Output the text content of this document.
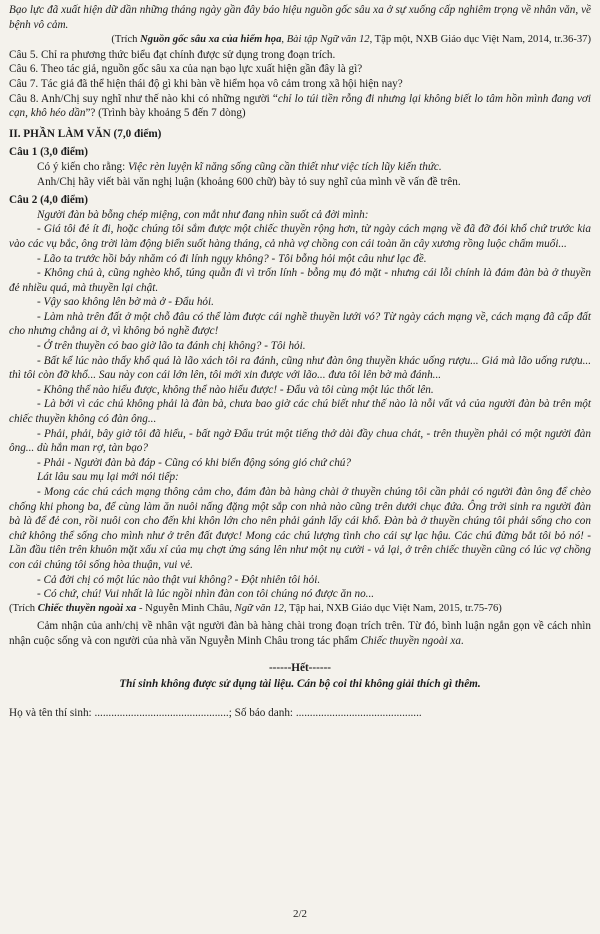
Bạo lực đã xuất hiện dữ dần những tháng ngày gần đây báo hiệu nguồn gốc sâu xa ở sự xuống cấp nghiêm trọng về nhân văn, về bệnh vô cảm.

(Trích Nguồn gốc sâu xa của hiểm họa, Bài tập Ngữ văn 12, Tập một, NXB Giáo dục Việt Nam, 2014, tr.36-37)

Câu 5. Chỉ ra phương thức biểu đạt chính được sử dụng trong đoạn trích.

Câu 6. Theo tác giả, nguồn gốc sâu xa của nạn bạo lực xuất hiện gần đây là gì?

Câu 7. Tác giả đã thể hiện thái độ gì khi bàn về hiểm họa vô cảm trong xã hội hiện nay?

Câu 8. Anh/Chị suy nghĩ như thế nào khi có những người “chỉ lo túi tiền rỗng đi nhưng lại không biết lo tâm hồn mình đang vơi cạn, khô héo dần”? (Trình bày khoảng 5 đến 7 dòng)

II. PHẦN LÀM VĂN (7,0 điểm)

Câu 1 (3,0 điểm)

Có ý kiến cho rằng: Việc rèn luyện kĩ năng sống cũng cần thiết như việc tích lũy kiến thức.

Anh/Chị hãy viết bài văn nghị luận (khoảng 600 chữ) bày tỏ suy nghĩ của mình về vấn đề trên.

Câu 2 (4,0 điểm)

Người đàn bà bỗng chép miệng, con mắt như đang nhìn suốt cả đời mình:

- Giá tôi đẻ ít đi, hoặc chúng tôi sắm được một chiếc thuyền rộng hơn, từ ngày cách mạng về đã đỡ đói khổ chứ trước kia vào các vụ bắc, ông trời làm động biển suốt hàng tháng, cả nhà vợ chồng con cái toàn ăn cây xương rồng luộc chấm muối...

- Lão ta trước hồi bảy nhăm có đi lính ngụy không? - Tôi bỗng hỏi một câu như lạc đề.

- Không chú à, cũng nghèo khổ, túng quẫn đi vì trốn lính - bỗng mụ đỏ mặt - nhưng cái lỗi chính là đám đàn bà ở thuyền đẻ nhiều quá, mà thuyền lại chật.

- Vậy sao không lên bờ mà ở - Đẩu hỏi.

- Làm nhà trên đất ở một chỗ đâu có thể làm được cái nghề thuyền lưới vó? Từ ngày cách mạng về, cách mạng đã cấp đất cho nhưng chẳng ai ở, vì không bỏ nghề được!

- Ở trên thuyền có bao giờ lão ta đánh chị không? - Tôi hỏi.

- Bất kể lúc nào thấy khổ quá là lão xách tôi ra đánh, cũng như đàn ông thuyền khác uống rượu... Giá mà lão uống rượu... thì tôi còn đỡ khổ... Sau này con cái lớn lên, tôi mới xin được với lão... đưa tôi lên bờ mà đánh...

- Không thể nào hiểu được, không thể nào hiểu được! - Đẩu và tôi cùng một lúc thốt lên.

- Là bởi vì các chú không phải là đàn bà, chưa bao giờ các chú biết như thế nào là nỗi vất vả của người đàn bà trên một chiếc thuyền không có đàn ông...

- Phải, phải, bây giờ tôi đã hiểu, - bất ngờ Đẩu trút một tiếng thở dài đầy chua chát, - trên thuyền phải có một người đàn ông... dù hắn man rợ, tàn bạo?

- Phải - Người đàn bà đáp - Cũng có khi biển động sóng gió chứ chú?

Lát lâu sau mụ lại mới nói tiếp:

- Mong các chú cách mạng thông cảm cho, đám đàn bà hàng chài ở thuyền chúng tôi cần phải có người đàn ông để chèo chống khi phong ba, để cùng làm ăn nuôi nấng đặng một sắp con nhà nào cũng trên dưới chục đứa. Ông trời sinh ra người đàn bà là để đẻ con, rồi nuôi con cho đến khi khôn lớn cho nên phải gánh lấy cái khổ. Đàn bà ở thuyền chúng tôi phải sống cho con chứ không thể sống cho mình như ở trên đất được! Mong các chú lượng tình cho cái sự lạc hậu. Các chú đừng bắt tôi bỏ nó! - Lần đầu tiên trên khuôn mặt xấu xí của mụ chợt ửng sáng lên như một nụ cười - vả lại, ở trên chiếc thuyền cũng có lúc vợ chồng con cái chúng tôi sống hòa thuận, vui vẻ.

- Cả đời chị có một lúc nào thật vui không? - Đột nhiên tôi hỏi.

- Có chứ, chú! Vui nhất là lúc ngồi nhìn đàn con tôi chúng nó được ăn no...

(Trích Chiếc thuyền ngoài xa - Nguyễn Minh Châu, Ngữ văn 12, Tập hai, NXB Giáo dục Việt Nam, 2015, tr.75-76)

Cảm nhận của anh/chị về nhân vật người đàn bà hàng chài trong đoạn trích trên. Từ đó, bình luận ngắn gọn về cách nhìn nhận cuộc sống và con người của nhà văn Nguyễn Minh Châu trong tác phẩm Chiếc thuyền ngoài xa.

------Hết------

Thí sinh không được sử dụng tài liệu. Cán bộ coi thi không giải thích gì thêm.

Họ và tên thí sinh: ................................................; Số báo danh: .............................................

2/2
